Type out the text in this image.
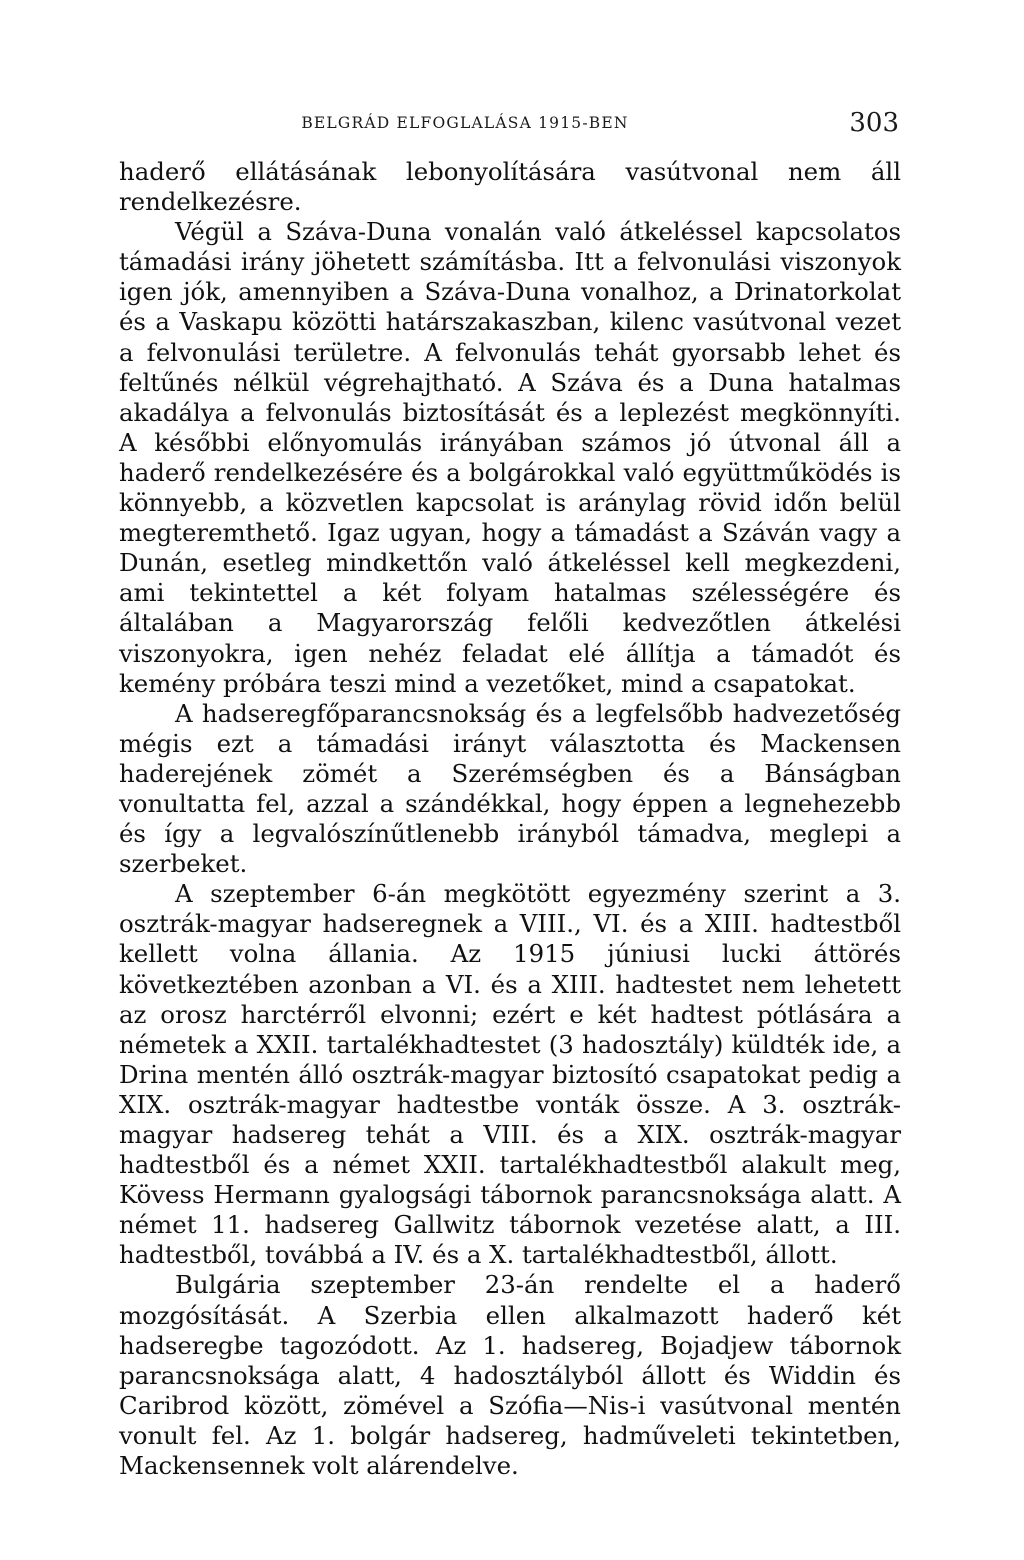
BELGRÁD ELFOGLALÁSA 1915-BEN	303

haderő ellátásának lebonyolítására vasútvonal nem áll rendelkezésre.

Végül a Száva-Duna vonalán való átkeléssel kapcsolatos támadási irány jöhetett számításba. Itt a felvonulási viszonyok igen jók, amennyiben a Száva-Duna vonalhoz, a Drinatorkolat és a Vaskapu közötti határszakaszban, kilenc vasútvonal vezet a felvonulási területre. A felvonulás tehát gyorsabb lehet és feltűnés nélkül végrehajtható. A Száva és a Duna hatalmas akadálya a felvonulás biztosítását és a leplezést megkönnyíti. A későbbi előnyomulás irányában számos jó útvonal áll a haderő rendelkezésére és a bolgárokkal való együttműködés is könnyebb, a közvetlen kapcsolat is aránylag rövid időn belül megteremthető. Igaz ugyan, hogy a támadást a Száván vagy a Dunán, esetleg mindkettőn való átkeléssel kell megkezdeni, ami tekintettel a két folyam hatalmas szélességére és általában a Magyarország felőli kedvezőtlen átkelési viszonyokra, igen nehéz feladat elé állítja a támadót és kemény próbára teszi mind a vezetőket, mind a csapatokat.

A hadseregfőparancsnokság és a legfelsőbb hadvezetőség mégis ezt a támadási irányt választotta és Mackensen haderejének zömét a Szerémségben és a Bánságban vonultatta fel, azzal a szándékkal, hogy éppen a legnehezebb és így a legvalószínűtlenebb irányból támadva, meglepi a szerbeket.

A szeptember 6-án megkötött egyezmény szerint a 3. osztrák-magyar hadseregnek a VIII., VI. és a XIII. hadtestből kellett volna állania. Az 1915 júniusi lucki áttörés következtében azonban a VI. és a XIII. hadtestet nem lehetett az orosz harctérről elvonni; ezért e két hadtest pótlására a németek a XXII. tartalékhadtestet (3 hadosztály) küldték ide, a Drina mentén álló osztrák-magyar biztosító csapatokat pedig a XIX. osztrák-magyar hadtestbe vonták össze. A 3. osztrák-magyar hadsereg tehát a VIII. és a XIX. osztrák-magyar hadtestből és a német XXII. tartalékhadtestből alakult meg, Kövess Hermann gyalogsági tábornok parancsnoksága alatt. A német 11. hadsereg Gallwitz tábornok vezetése alatt, a III. hadtestből, továbbá a IV. és a X. tartalékhadtestből, állott.

Bulgária szeptember 23-án rendelte el a haderő mozgósítását. A Szerbia ellen alkalmazott haderő két hadseregbe tagozódott. Az 1. hadsereg, Bojadjew tábornok parancsnoksága alatt, 4 hadosztályból állott és Widdin és Caribrod között, zömével a Szófia—Nis-i vasútvonal mentén vonult fel. Az 1. bolgár hadsereg, hadműveleti tekintetben, Mackensennek volt alárendelve.
